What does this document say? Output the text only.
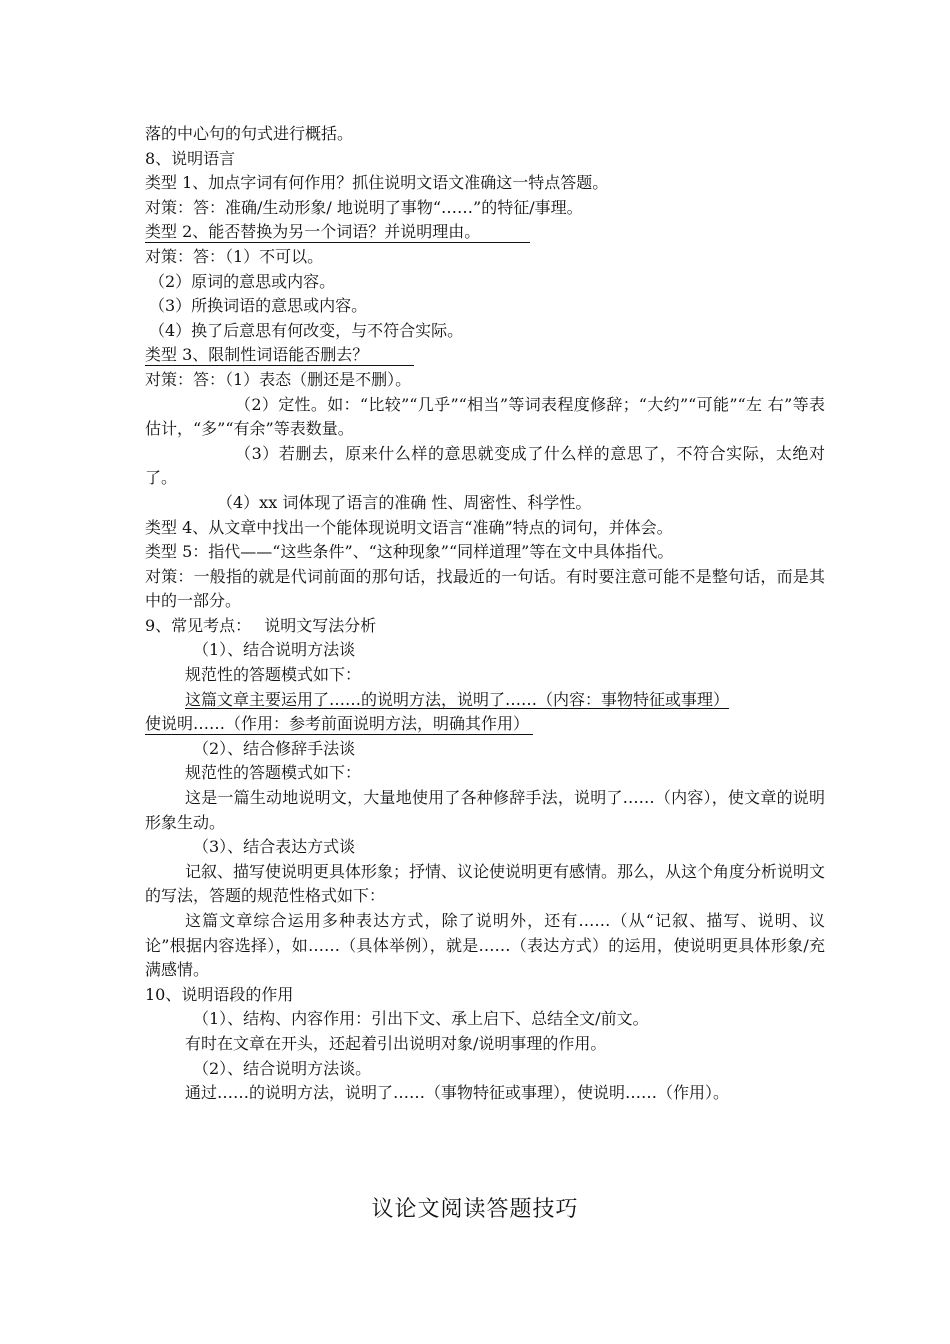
落的中心句的句式进行概括。
8、说明语言
类型 1、加点字词有何作用？抓住说明文语文准确这一特点答题。
对策：答：准确/生动形象/ 地说明了事物“……”的特征/事理。
类型 2、能否替换为另一个词语？并说明理由。
对策：答：（1）不可以。
（2）原词的意思或内容。
（3）所换词语的意思或内容。
（4）换了后意思有何改变，与不符合实际。
类型 3、限制性词语能否删去？
对策：答：（1）表态（删还是不删）。
（2）定性。如：“比较”“几乎”“相当”等词表程度修辞；“大约”“可能”“左 右”等表估计，“多”“有余”等表数量。
（3）若删去，原来什么样的意思就变成了什么样的意思了，不符合实际，太绝对了。
（4）xx 词体现了语言的准确 性、周密性、科学性。
类型 4、从文章中找出一个能体现说明文语言“准确”特点的词句，并体会。
类型 5：指代——“这些条件”、“这种现象”“同样道理”等在文中具体指代。
对策：一般指的就是代词前面的那句话，找最近的一句话。有时要注意可能不是整句话，而是其中的一部分。
9、常见考点：　 说明文写法分析
（1）、结合说明方法谈
规范性的答题模式如下：
这篇文章主要运用了……的说明方法，说明了……（内容：事物特征或事理）
使说明……（作用：参考前面说明方法，明确其作用）
（2）、结合修辞手法谈
规范性的答题模式如下：
这是一篇生动地说明文，大量地使用了各种修辞手法，说明了……（内容），使文章的说明形象生动。
（3）、结合表达方式谈
记叙、描写使说明更具体形象；抒情、议论使说明更有感情。那么，从这个角度分析说明文的写法，答题的规范性格式如下：
这篇文章综合运用多种表达方式，除了说明外，还有……（从“记叙、描写、说明、议论”根据内容选择），如……（具体举例），就是……（表达方式）的运用，使说明更具体形象/充满感情。
10、说明语段的作用
（1）、结构、内容作用：引出下文、承上启下、总结全文/前文。
有时在文章在开头，还起着引出说明对象/说明事理的作用。
（2）、结合说明方法谈。
通过……的说明方法，说明了……（事物特征或事理），使说明……（作用）。
议论文阅读答题技巧
